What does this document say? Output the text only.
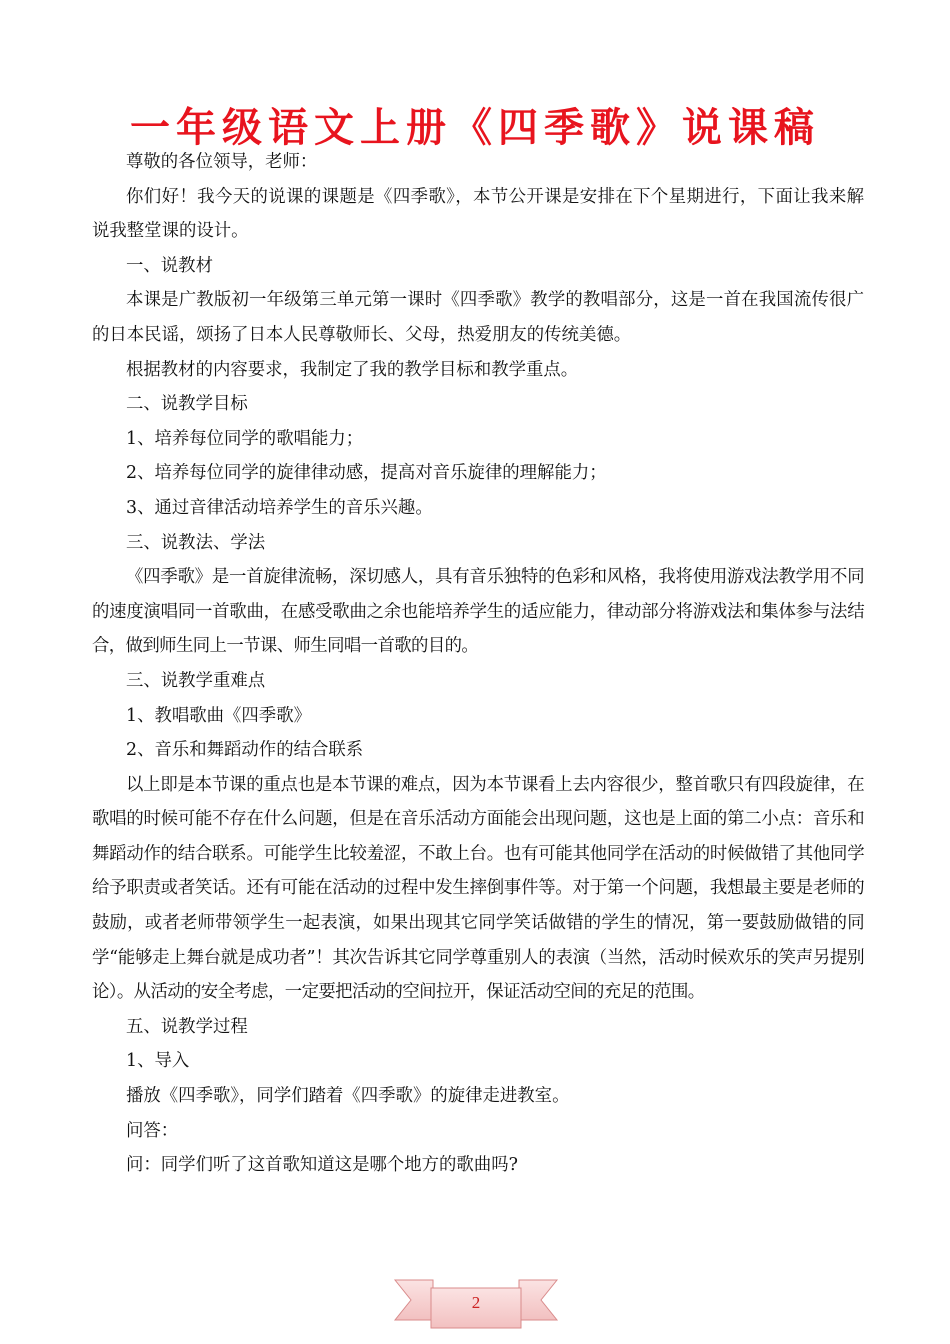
一年级语文上册《四季歌》说课稿

尊敬的各位领导，老师：

你们好！我今天的说课的课题是《四季歌》，本节公开课是安排在下个星期进行，下面让我来解说我整堂课的设计。

一、说教材

本课是广教版初一年级第三单元第一课时《四季歌》教学的教唱部分，这是一首在我国流传很广的日本民谣，颂扬了日本人民尊敬师长、父母，热爱朋友的传统美德。

根据教材的内容要求，我制定了我的教学目标和教学重点。

二、说教学目标

1、培养每位同学的歌唱能力；

2、培养每位同学的旋律律动感，提高对音乐旋律的理解能力；

3、通过音律活动培养学生的音乐兴趣。

三、说教法、学法

《四季歌》是一首旋律流畅，深切感人，具有音乐独特的色彩和风格，我将使用游戏法教学用不同的速度演唱同一首歌曲，在感受歌曲之余也能培养学生的适应能力，律动部分将游戏法和集体参与法结合，做到师生同上一节课、师生同唱一首歌的目的。

三、说教学重难点

1、教唱歌曲《四季歌》

2、音乐和舞蹈动作的结合联系

以上即是本节课的重点也是本节课的难点，因为本节课看上去内容很少，整首歌只有四段旋律，在歌唱的时候可能不存在什么问题，但是在音乐活动方面能会出现问题，这也是上面的第二小点：音乐和舞蹈动作的结合联系。可能学生比较羞涩，不敢上台。也有可能其他同学在活动的时候做错了其他同学给予职责或者笑话。还有可能在活动的过程中发生摔倒事件等。对于第一个问题，我想最主要是老师的鼓励，或者老师带领学生一起表演，如果出现其它同学笑话做错的学生的情况，第一要鼓励做错的同学“能够走上舞台就是成功者”！其次告诉其它同学尊重别人的表演（当然，活动时候欢乐的笑声另提别论）。从活动的安全考虑，一定要把活动的空间拉开，保证活动空间的充足的范围。

五、说教学过程

1、导入

播放《四季歌》，同学们踏着《四季歌》的旋律走进教室。

问答：

问：同学们听了这首歌知道这是哪个地方的歌曲吗?

2
